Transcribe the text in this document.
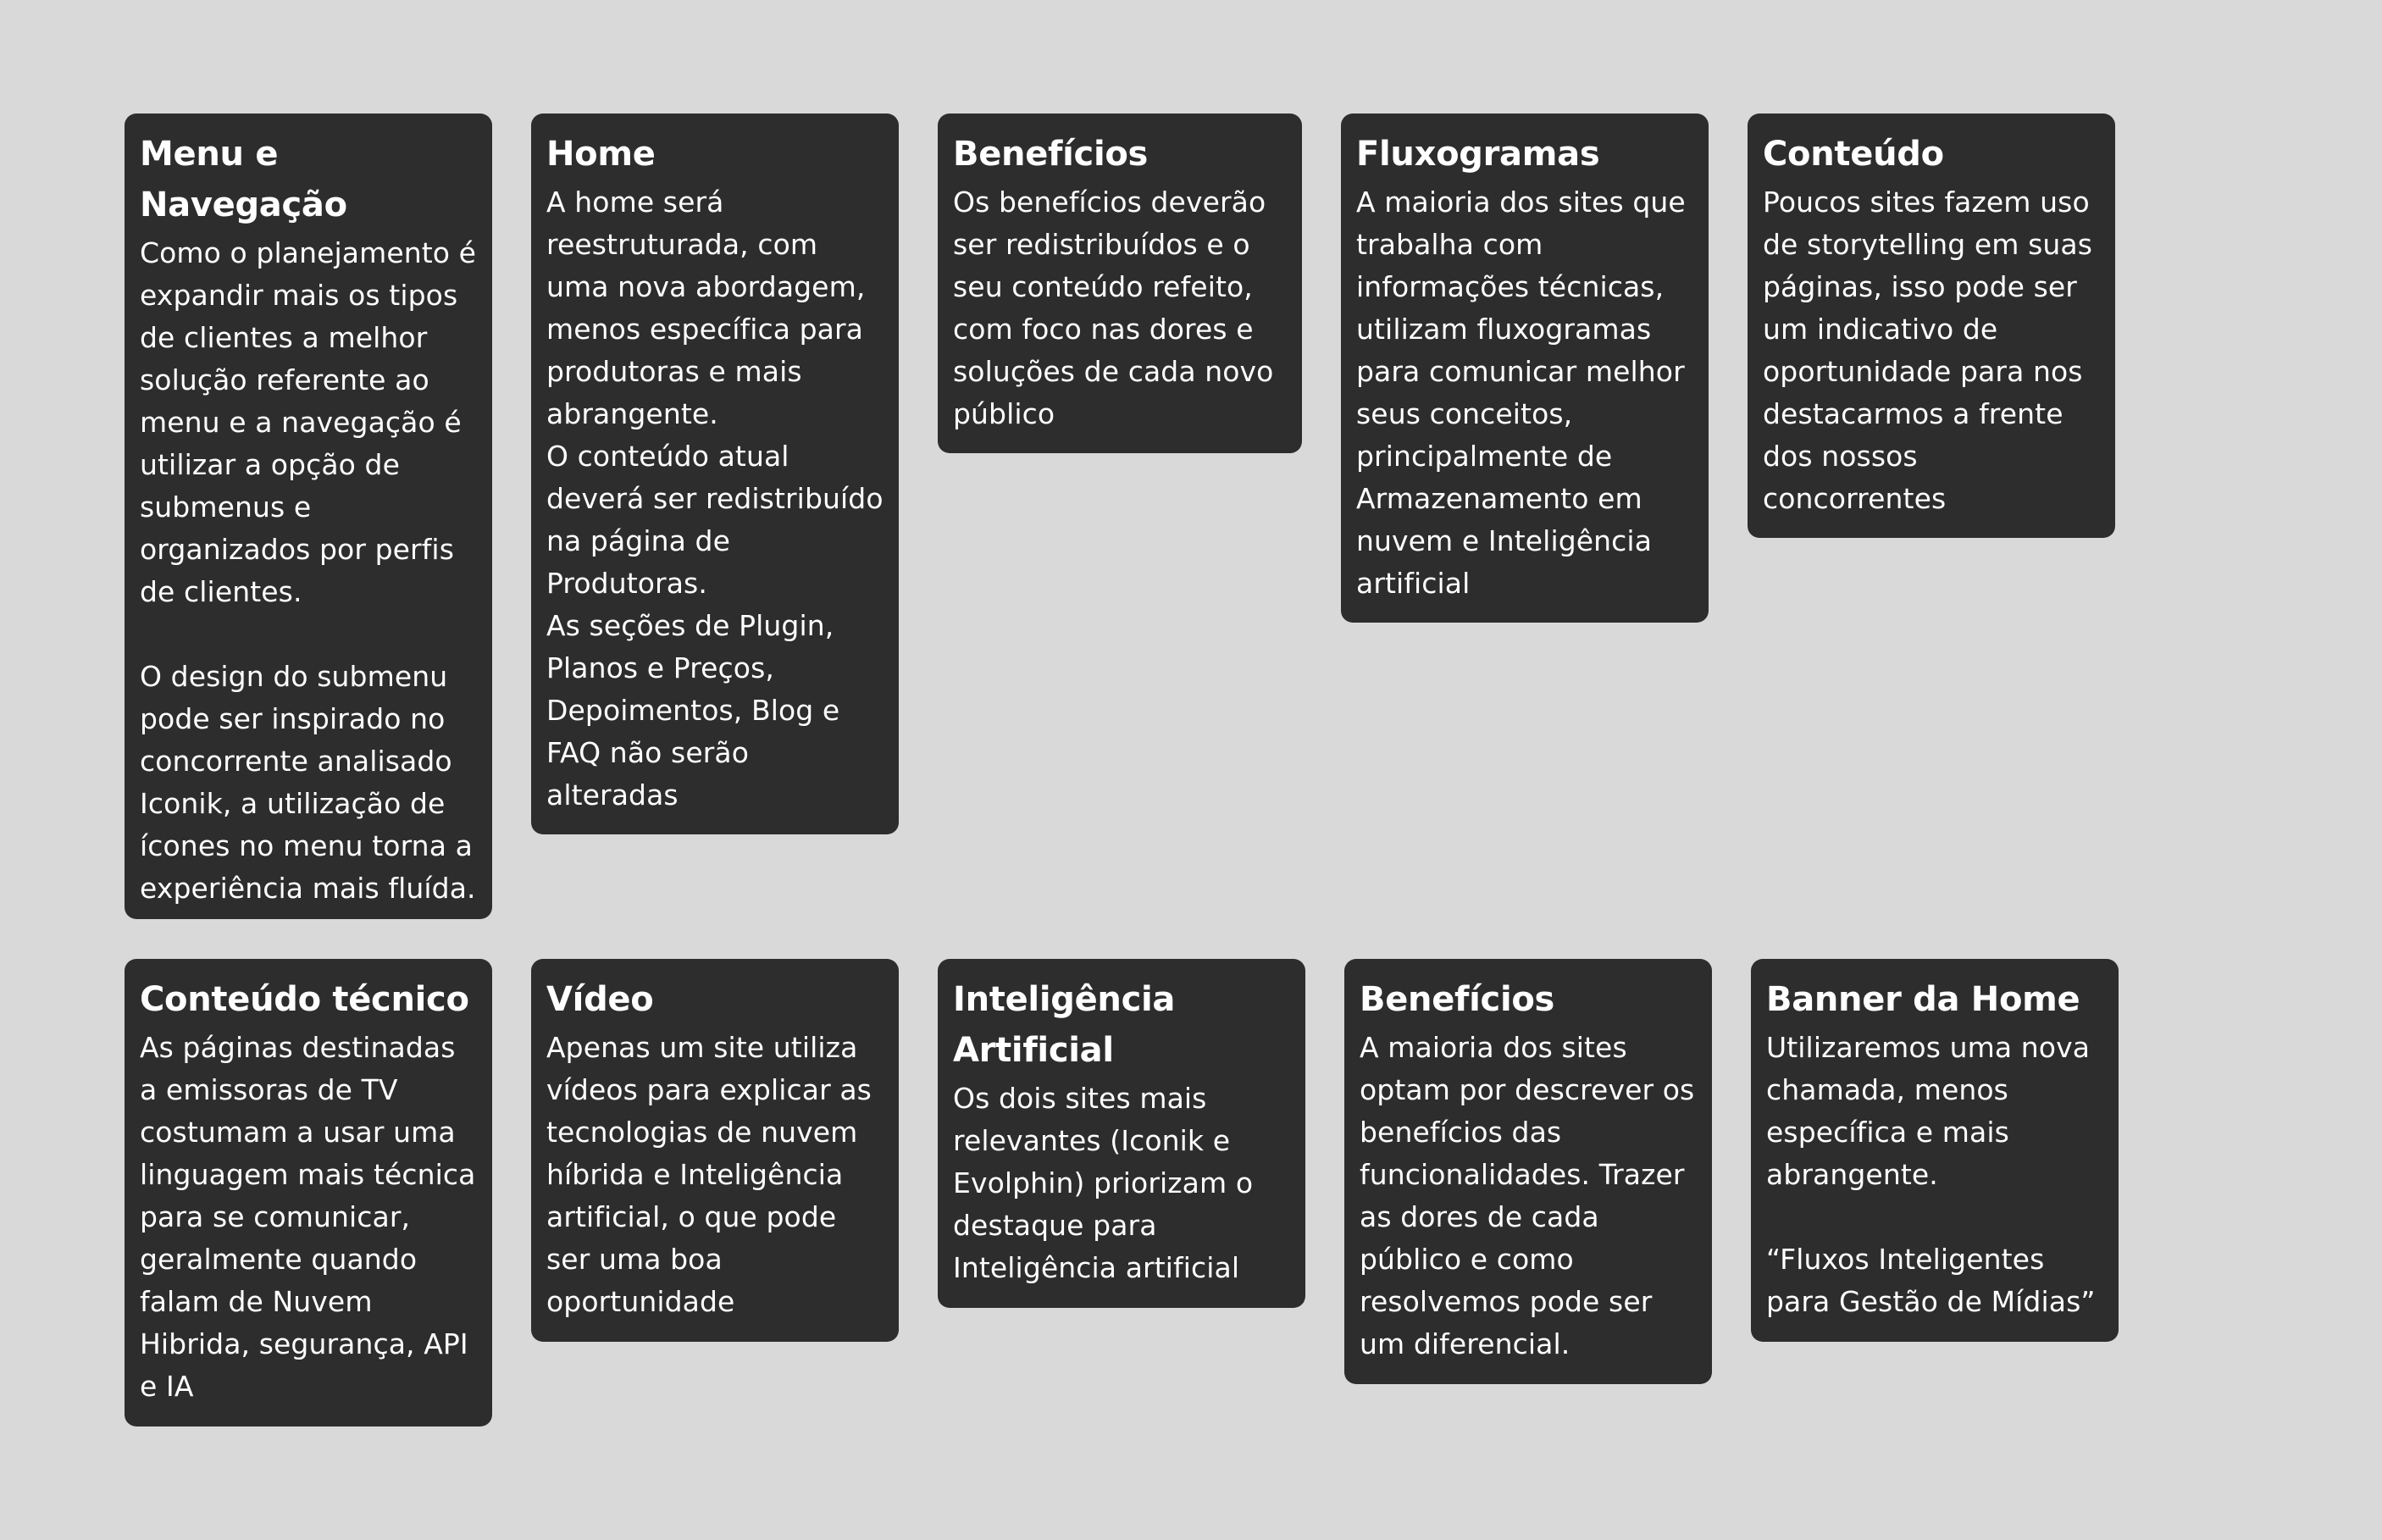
Menu e Navegação
Como o planejamento é expandir mais os tipos de clientes a melhor solução referente ao menu e a navegação é utilizar a opção de submenus e organizados por perfis de clientes.

O design do submenu pode ser inspirado no concorrente analisado Iconik, a utilização de ícones no menu torna a experiência mais fluída.
Home
A home será reestruturada, com uma nova abordagem, menos específica para produtoras e mais abrangente.
O conteúdo atual deverá ser redistribuído na página de Produtoras.
As seções de Plugin, Planos e Preços, Depoimentos, Blog e FAQ não serão alteradas
Benefícios
Os benefícios deverão ser redistribuídos e o seu conteúdo refeito, com foco nas dores e soluções de cada novo público
Fluxogramas
A maioria dos sites que trabalha com informações técnicas, utilizam fluxogramas para comunicar melhor seus conceitos, principalmente de Armazenamento em nuvem e Inteligência artificial
Conteúdo
Poucos sites fazem uso de storytelling em suas páginas, isso pode ser um indicativo de oportunidade para nos destacarmos a frente dos nossos concorrentes
Conteúdo técnico
As páginas destinadas a emissoras de TV costumam a usar uma linguagem mais técnica para se comunicar, geralmente quando falam de Nuvem Hibrida, segurança, API e IA
Vídeo
Apenas um site utiliza vídeos para explicar as tecnologias de nuvem híbrida e Inteligência artificial, o que pode ser uma boa oportunidade
Inteligência Artificial
Os dois sites mais relevantes (Iconik e Evolphin) priorizam o destaque para Inteligência artificial
Benefícios
A maioria dos sites optam por descrever os benefícios das funcionalidades. Trazer as dores de cada público e como resolvemos pode ser um diferencial.
Banner da Home
Utilizaremos uma nova chamada, menos específica e mais abrangente.

“Fluxos Inteligentes para Gestão de Mídias”
